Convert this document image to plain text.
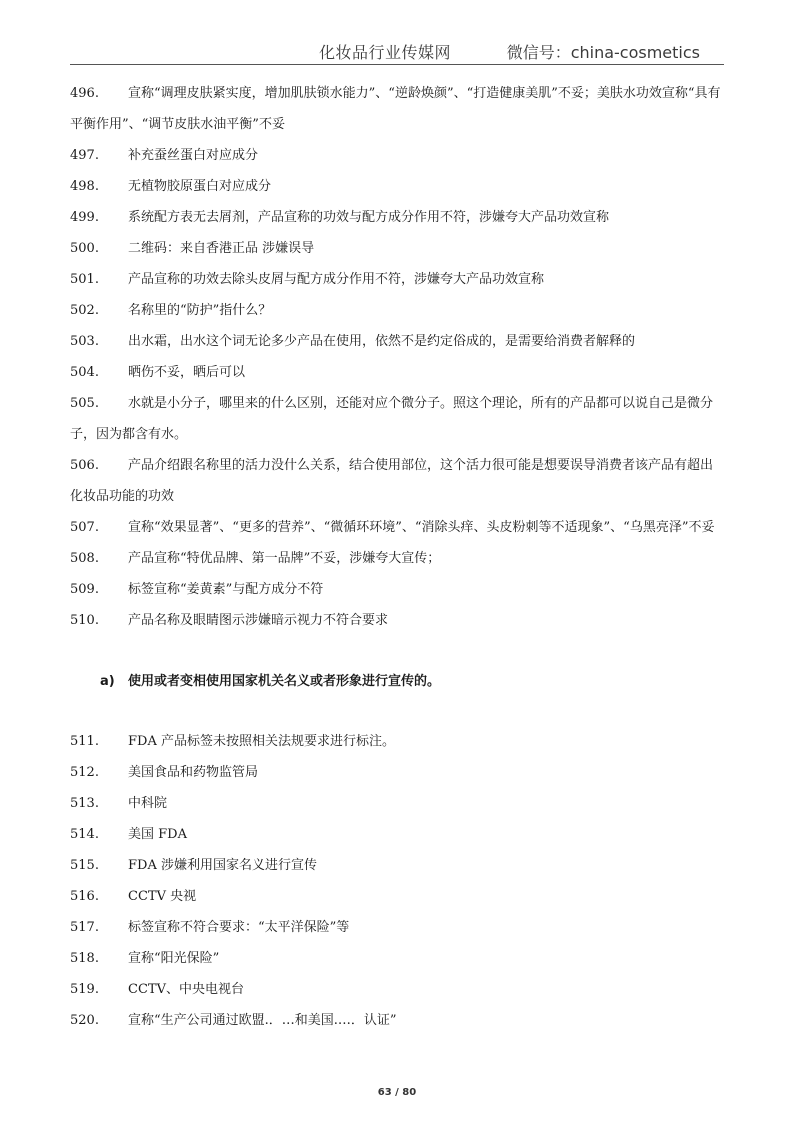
化妆品行业传媒网	微信号：china-cosmetics
496.	宣称“调理皮肤紧实度，增加肌肤锁水能力”、“逆龄焕颜”、“打造健康美肌”不妥；美肤水功效宣称“具有平衡作用”、“调节皮肤水油平衡”不妥
497.	补充蚕丝蛋白对应成分
498.	无植物胶原蛋白对应成分
499.	系统配方表无去屑剂，产品宣称的功效与配方成分作用不符，涉嫌夸大产品功效宣称
500.	二维码：来自香港正品 涉嫌误导
501.	产品宣称的功效去除头皮屑与配方成分作用不符，涉嫌夸大产品功效宣称
502.	名称里的“防护”指什么？
503.	出水霜，出水这个词无论多少产品在使用，依然不是约定俗成的，是需要给消费者解释的
504.	晒伤不妥，晒后可以
505.	水就是小分子，哪里来的什么区别，还能对应个微分子。照这个理论，所有的产品都可以说自己是微分子，因为都含有水。
506.	产品介绍跟名称里的活力没什么关系，结合使用部位，这个活力很可能是想要误导消费者该产品有超出化妆品功能的功效
507.	宣称“效果显著”、“更多的营养”、“微循环环境”、“消除头痒、头皮粉刺等不适现象”、“乌黑亮泽”不妥
508.	产品宣称“特优品牌、第一品牌”不妥，涉嫌夸大宣传；
509.	标签宣称“姜黄素”与配方成分不符
510.	产品名称及眼睛图示涉嫌暗示视力不符合要求
a) 使用或者变相使用国家机关名义或者形象进行宣传的。
511.	FDA 产品标签未按照相关法规要求进行标注。
512.	美国食品和药物监管局
513.	中科院
514.	美国 FDA
515.	FDA 涉嫌利用国家名义进行宣传
516.	CCTV 央视
517.	标签宣称不符合要求：“太平洋保险”等
518.	宣称“阳光保险”
519.	CCTV、中央电视台
520.	宣称“生产公司通过欧盟.．…和美国.…．认证”
63 / 80
